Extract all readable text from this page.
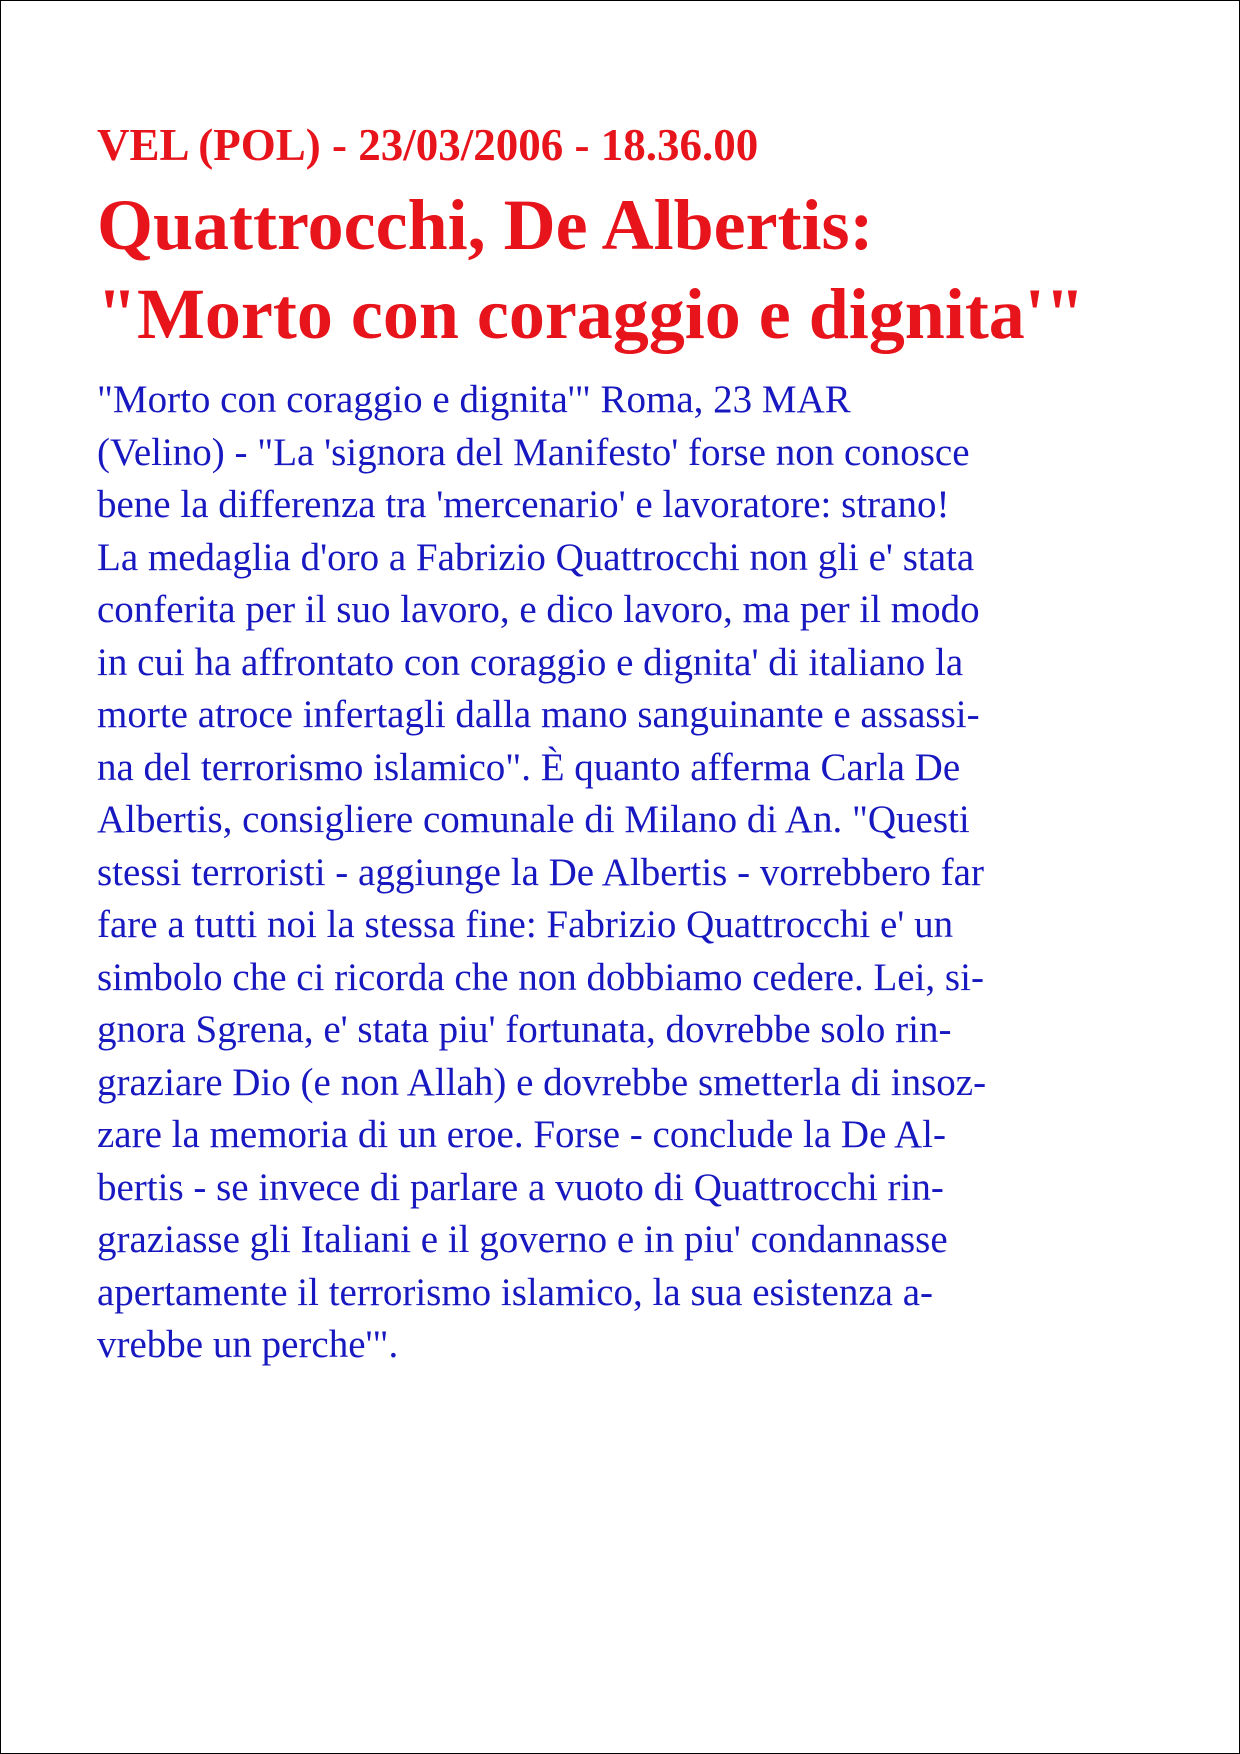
VEL (POL) - 23/03/2006 - 18.36.00

Quattrocchi, De Albertis:
"Morto con coraggio e dignita'"
"Morto con coraggio e dignita'" Roma, 23 MAR
(Velino) - "La 'signora del Manifesto' forse non conosce
bene la differenza tra 'mercenario' e lavoratore: strano!
La medaglia d'oro a Fabrizio Quattrocchi non gli e' stata
conferita per il suo lavoro, e dico lavoro, ma per il modo
in cui ha affrontato con coraggio e dignita' di italiano la
morte atroce infertagli dalla mano sanguinante e assassi-
na del terrorismo islamico". È quanto afferma Carla De
Albertis, consigliere comunale di Milano di An. "Questi
stessi terroristi - aggiunge la De Albertis - vorrebbero far
fare a tutti noi la stessa fine: Fabrizio Quattrocchi e' un
simbolo che ci ricorda che non dobbiamo cedere. Lei, si-
gnora Sgrena, e' stata piu' fortunata, dovrebbe solo rin-
graziare Dio (e non Allah) e dovrebbe smetterla di insoz-
zare la memoria di un eroe. Forse - conclude la De Al-
bertis - se invece di parlare a vuoto di Quattrocchi rin-
graziasse gli Italiani e il governo e in piu' condannasse
apertamente il terrorismo islamico, la sua esistenza a-
vrebbe un perche'".
